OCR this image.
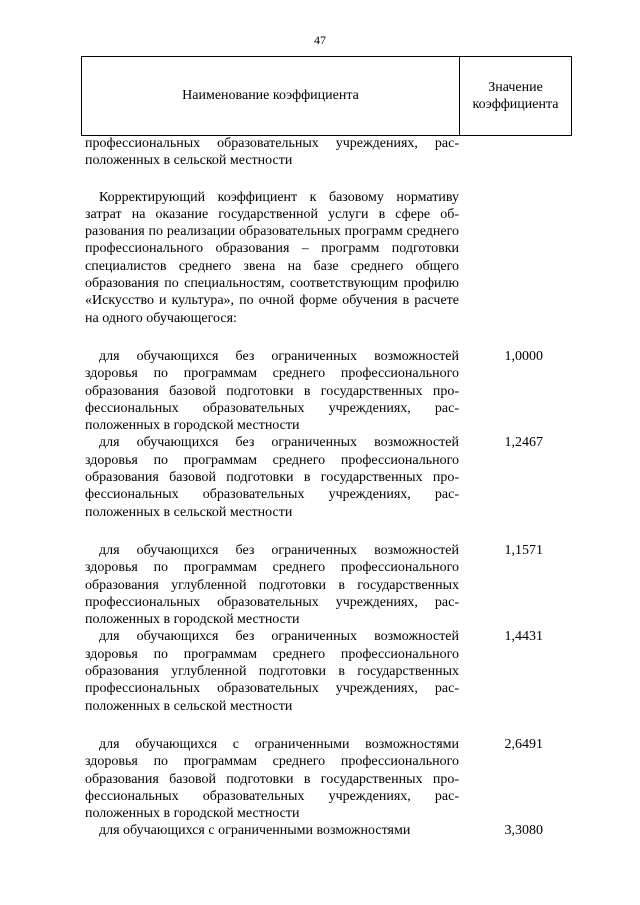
47
Наименование коэффициента
Значение
коэффициента
профессиональных образовательных учреждениях, расположенных в сельской местности
Корректирующий коэффициент к базовому нормативу затрат на оказание государственной услуги в сфере образования по реализации образовательных программ среднего профессионального образования – программ подготовки специалистов среднего звена на базе среднего общего образования по специальностям, соответствующим профилю «Искусство и культура», по очной форме обучения в расчете на одного обучающегося:
для обучающихся без ограниченных возможностей здоровья по программам среднего профессионального образования базовой подготовки в государственных профессиональных образовательных учреждениях, расположенных в городской местности
1,0000
для обучающихся без ограниченных возможностей здоровья по программам среднего профессионального образования базовой подготовки в государственных профессиональных образовательных учреждениях, расположенных в сельской местности
1,2467
для обучающихся без ограниченных возможностей здоровья по программам среднего профессионального образования углубленной подготовки в государственных профессиональных образовательных учреждениях, расположенных в городской местности
1,1571
для обучающихся без ограниченных возможностей здоровья по программам среднего профессионального образования углубленной подготовки в государственных профессиональных образовательных учреждениях, расположенных в сельской местности
1,4431
для обучающихся с ограниченными возможностями здоровья по программам среднего профессионального образования базовой подготовки в государственных профессиональных образовательных учреждениях, расположенных в городской местности
2,6491
для обучающихся с ограниченными возможностями	3,3080
